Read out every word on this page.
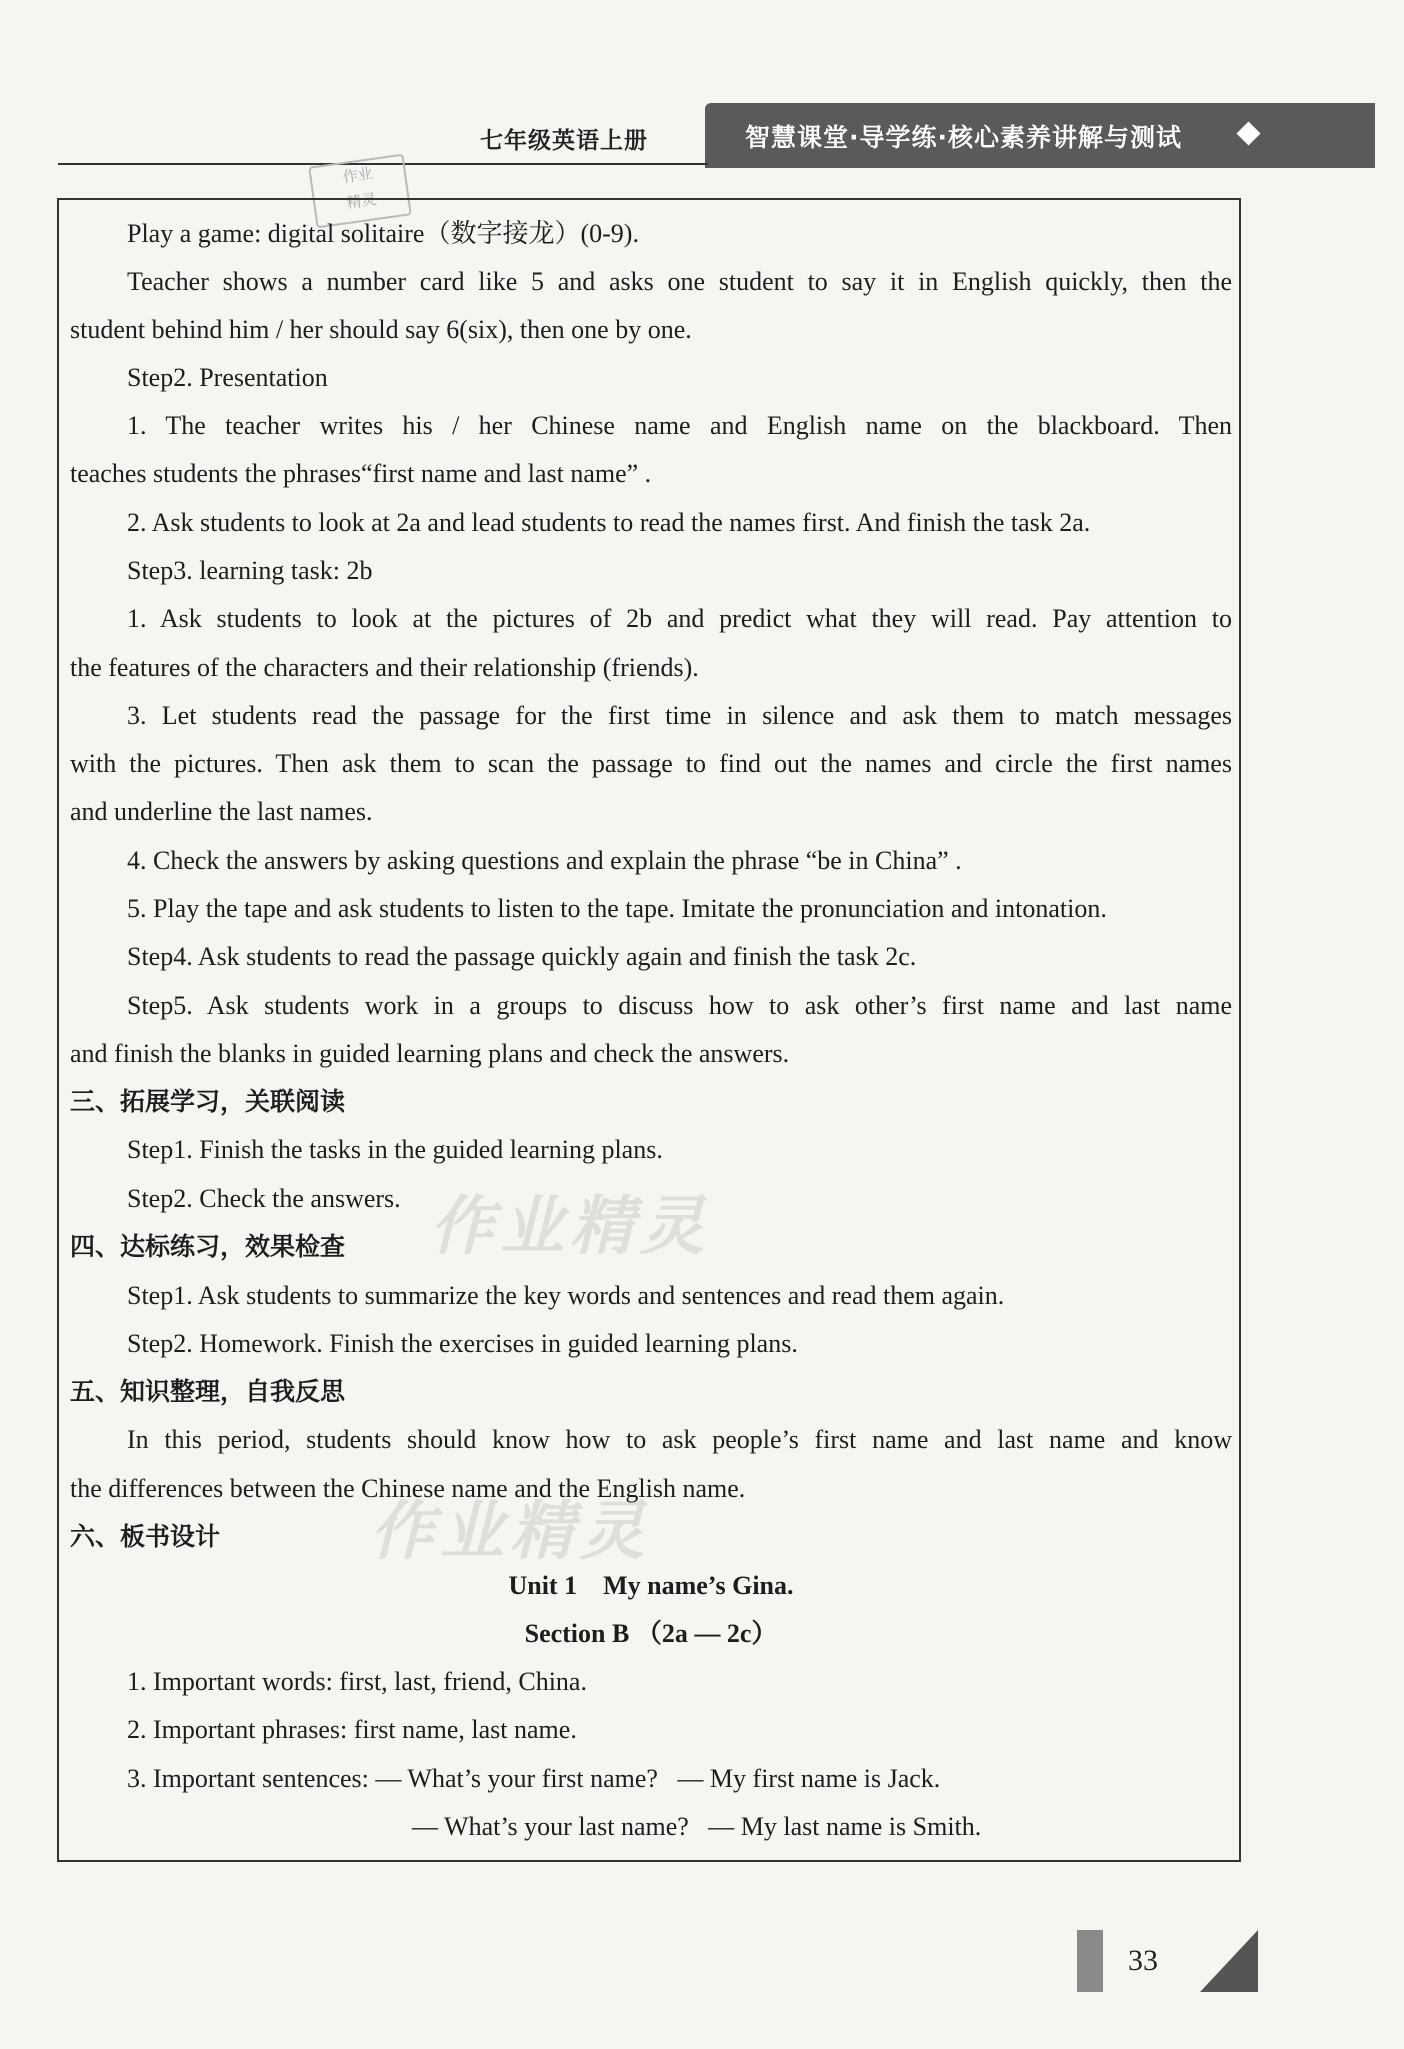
七年级英语上册	智慧课堂·导学练·核心素养讲解与测试
作业
精灵
Play a game: digital solitaire（数字接龙）(0-9).
Teacher shows a number card like 5 and asks one student to say it in English quickly, then the
student behind him / her should say 6(six), then one by one.
Step2. Presentation
1. The teacher writes his / her Chinese name and English name on the blackboard. Then
teaches students the phrases“first name and last name” .
2. Ask students to look at 2a and lead students to read the names first. And finish the task 2a.
Step3. learning task: 2b
1. Ask students to look at the pictures of 2b and predict what they will read. Pay attention to
the features of the characters and their relationship (friends).
3. Let students read the passage for the first time in silence and ask them to match messages
with the pictures. Then ask them to scan the passage to find out the names and circle the first names
and underline the last names.
4. Check the answers by asking questions and explain the phrase “be in China” .
5. Play the tape and ask students to listen to the tape. Imitate the pronunciation and intonation.
Step4. Ask students to read the passage quickly again and finish the task 2c.
Step5. Ask students work in a groups to discuss how to ask other’s first name and last name
and finish the blanks in guided learning plans and check the answers.
三、拓展学习，关联阅读
Step1. Finish the tasks in the guided learning plans.
Step2. Check the answers.
四、达标练习，效果检查
Step1. Ask students to summarize the key words and sentences and read them again.
Step2. Homework. Finish the exercises in guided learning plans.
五、知识整理，自我反思
In this period, students should know how to ask people’s first name and last name and know
the differences between the Chinese name and the English name.
六、板书设计
Unit 1    My name’s Gina.
Section B （2a — 2c）
1. Important words: first, last, friend, China.
2. Important phrases: first name, last name.
3. Important sentences: — What’s your first name?   — My first name is Jack.
— What’s your last name?   — My last name is Smith.
作业精灵
作业精灵
33
